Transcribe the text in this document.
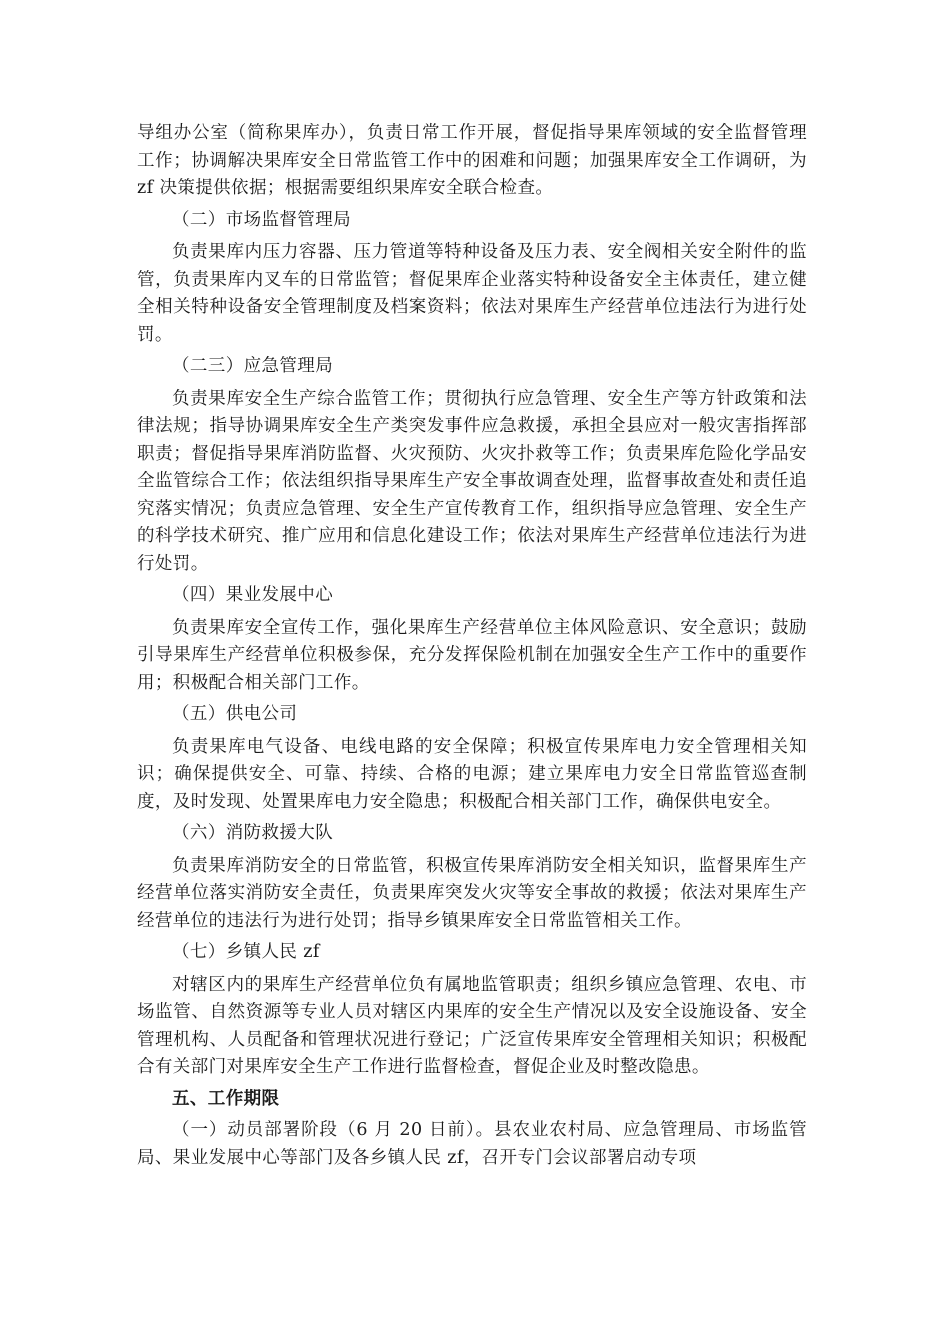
导组办公室（简称果库办），负责日常工作开展，督促指导果库领域的安全监督管理工作；协调解决果库安全日常监管工作中的困难和问题；加强果库安全工作调研，为 zf 决策提供依据；根据需要组织果库安全联合检查。

（二）市场监督管理局

负责果库内压力容器、压力管道等特种设备及压力表、安全阀相关安全附件的监管，负责果库内叉车的日常监管；督促果库企业落实特种设备安全主体责任，建立健全相关特种设备安全管理制度及档案资料；依法对果库生产经营单位违法行为进行处罚。

（二三）应急管理局

负责果库安全生产综合监管工作；贯彻执行应急管理、安全生产等方针政策和法律法规；指导协调果库安全生产类突发事件应急救援，承担全县应对一般灾害指挥部职责；督促指导果库消防监督、火灾预防、火灾扑救等工作；负责果库危险化学品安全监管综合工作；依法组织指导果库生产安全事故调查处理，监督事故查处和责任追究落实情况；负责应急管理、安全生产宣传教育工作，组织指导应急管理、安全生产的科学技术研究、推广应用和信息化建设工作；依法对果库生产经营单位违法行为进行处罚。

（四）果业发展中心

负责果库安全宣传工作，强化果库生产经营单位主体风险意识、安全意识；鼓励引导果库生产经营单位积极参保，充分发挥保险机制在加强安全生产工作中的重要作用；积极配合相关部门工作。

（五）供电公司

负责果库电气设备、电线电路的安全保障；积极宣传果库电力安全管理相关知识；确保提供安全、可靠、持续、合格的电源；建立果库电力安全日常监管巡查制度，及时发现、处置果库电力安全隐患；积极配合相关部门工作，确保供电安全。

（六）消防救援大队

负责果库消防安全的日常监管，积极宣传果库消防安全相关知识，监督果库生产经营单位落实消防安全责任，负责果库突发火灾等安全事故的救援；依法对果库生产经营单位的违法行为进行处罚；指导乡镇果库安全日常监管相关工作。

（七）乡镇人民 zf

对辖区内的果库生产经营单位负有属地监管职责；组织乡镇应急管理、农电、市场监管、自然资源等专业人员对辖区内果库的安全生产情况以及安全设施设备、安全管理机构、人员配备和管理状况进行登记；广泛宣传果库安全管理相关知识；积极配合有关部门对果库安全生产工作进行监督检查，督促企业及时整改隐患。

五、工作期限

（一）动员部署阶段（6 月 20 日前）。县农业农村局、应急管理局、市场监管局、果业发展中心等部门及各乡镇人民 zf，召开专门会议部署启动专项
